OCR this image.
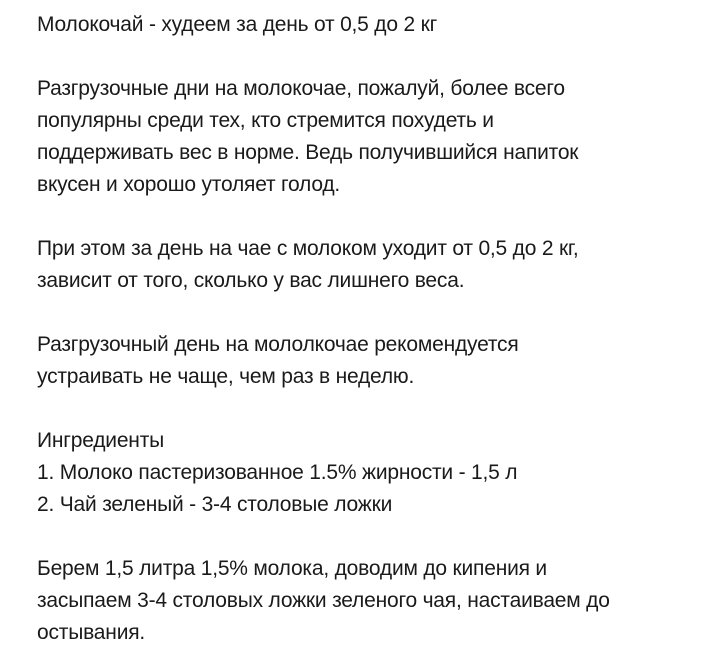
Молокочай - худеем за день от 0,5 до 2 кг
Разгрузочные дни на молокочае, пожалуй, более всего
популярны среди тех, кто стремится похудеть и
поддерживать вес в норме. Ведь получившийся напиток
вкусен и хорошо утоляет голод.
При этом за день на чае с молоком уходит от 0,5 до 2 кг,
зависит от того, сколько у вас лишнего веса.
Разгрузочный день на мололкочае рекомендуется
устраивать не чаще, чем раз в неделю.
Ингредиенты
1. Молоко пастеризованное 1.5% жирности - 1,5 л
2. Чай зеленый - 3-4 столовые ложки
Берем 1,5 литра 1,5% молока, доводим до кипения и
засыпаем 3-4 столовых ложки зеленого чая, настаиваем до
остывания.
